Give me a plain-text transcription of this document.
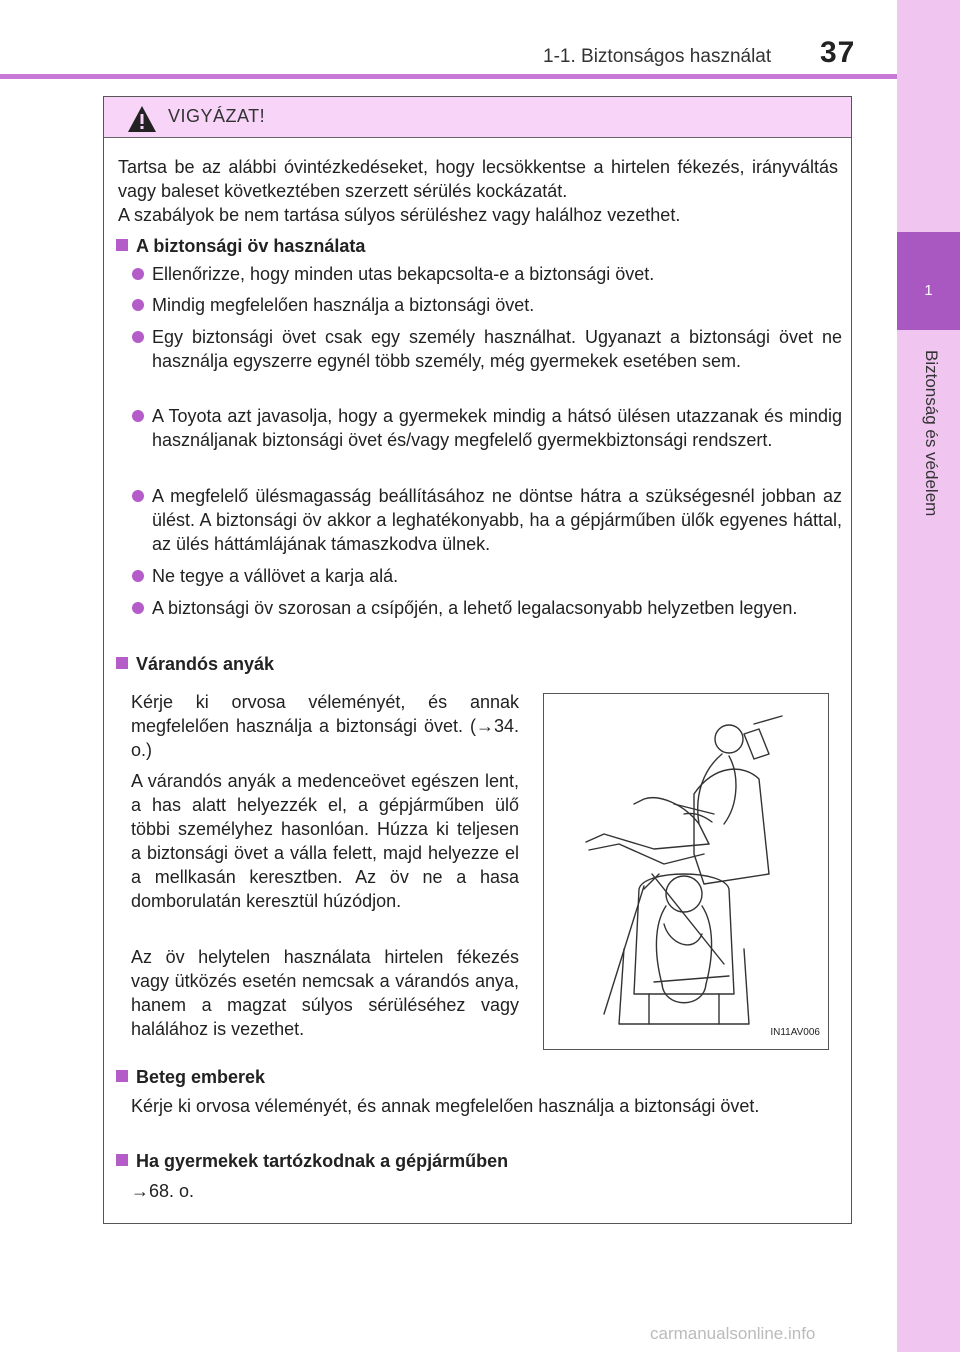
1-1. Biztonságos használat 37
1
Biztonság és védelem
VIGYÁZAT!
Tartsa be az alábbi óvintézkedéseket, hogy lecsökkentse a hirtelen fékezés, irányváltás vagy baleset következtében szerzett sérülés kockázatát.
A szabályok be nem tartása súlyos sérüléshez vagy halálhoz vezethet.
A biztonsági öv használata
Ellenőrizze, hogy minden utas bekapcsolta-e a biztonsági övet.
Mindig megfelelően használja a biztonsági övet.
Egy biztonsági övet csak egy személy használhat. Ugyanazt a biztonsági övet ne használja egyszerre egynél több személy, még gyermekek esetében sem.
A Toyota azt javasolja, hogy a gyermekek mindig a hátsó ülésen utazzanak és mindig használjanak biztonsági övet és/vagy megfelelő gyermekbiztonsági rendszert.
A megfelelő ülésmagasság beállításához ne döntse hátra a szükségesnél jobban az ülést. A biztonsági öv akkor a leghatékonyabb, ha a gépjárműben ülők egyenes háttal, az ülés háttámlájának támaszkodva ülnek.
Ne tegye a vállövet a karja alá.
A biztonsági öv szorosan a csípőjén, a lehető legalacsonyabb helyzetben legyen.
Várandós anyák
Kérje ki orvosa véleményét, és annak megfelelően használja a biztonsági övet. (→34. o.)
A várandós anyák a medenceövet egészen lent, a has alatt helyezzék el, a gépjárműben ülő többi személyhez hasonlóan. Húzza ki teljesen a biztonsági övet a válla felett, majd helyezze el a mellkasán keresztben. Az öv ne a hasa domborulatán keresztül húzódjon.
Az öv helytelen használata hirtelen fékezés vagy ütközés esetén nemcsak a várandós anya, hanem a magzat súlyos sérüléséhez vagy halálához is vezethet.	IN11AV006
Beteg emberek
Kérje ki orvosa véleményét, és annak megfelelően használja a biztonsági övet.
Ha gyermekek tartózkodnak a gépjárműben
→68. o.
carmanualsonline.info
